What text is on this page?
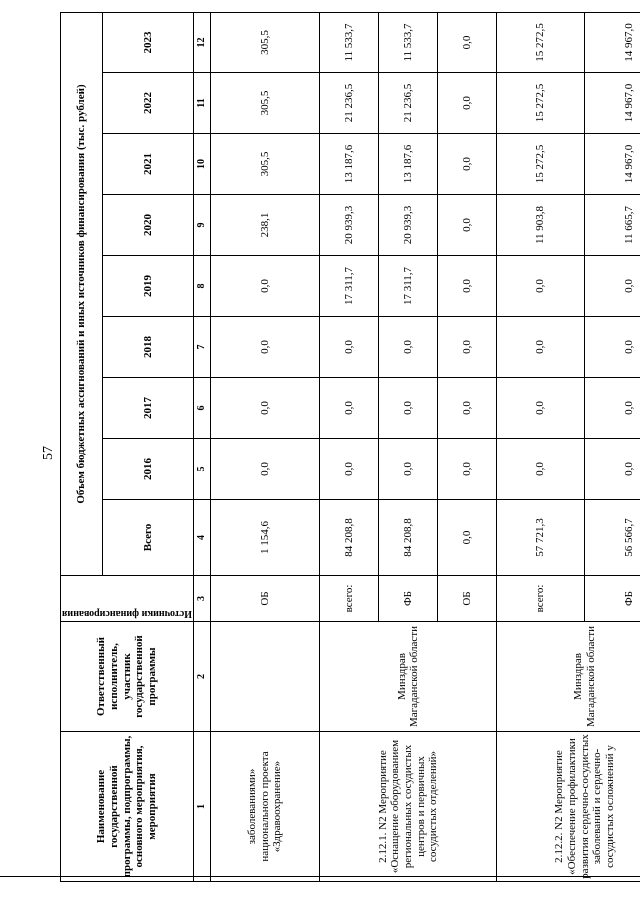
57
Наименование государственной программы, подпрограммы, основного мероприятия, мероприятия	Ответственный исполнитель, участник государственной программы	Источники финансирования	Объем бюджетных ассигнований и иных источников финансирования (тыс. рублей)								
			Всего	2016	2017	2018	2019	2020	2021	2022	2023
1	2	3	4	5	6	7	8	9	10	11	12
заболеваниями» национального проекта «Здравоохранение»		ОБ	1 154,6	0,0	0,0	0,0	0,0	238,1	305,5	305,5	305,5
2.12.1. N2 Мероприятие «Оснащение оборудованием региональных сосудистых центров и первичных сосудистых отделений»	Минздрав Магаданской области	всего:	84 208,8	0,0	0,0	0,0	17 311,7	20 939,3	13 187,6	21 236,5	11 533,7
		ФБ	84 208,8	0,0	0,0	0,0	17 311,7	20 939,3	13 187,6	21 236,5	11 533,7
		ОБ	0,0	0,0	0,0	0,0	0,0	0,0	0,0	0,0	0,0
2.12.2. N2 Мероприятие «Обеспечение профилактики развития сердечно-сосудистых заболеваний и сердечно-сосудистых осложнений у	Минздрав Магаданской области	всего:	57 721,3	0,0	0,0	0,0	0,0	11 903,8	15 272,5	15 272,5	15 272,5
		ФБ	56 566,7	0,0	0,0	0,0	0,0	11 665,7	14 967,0	14 967,0	14 967,0
